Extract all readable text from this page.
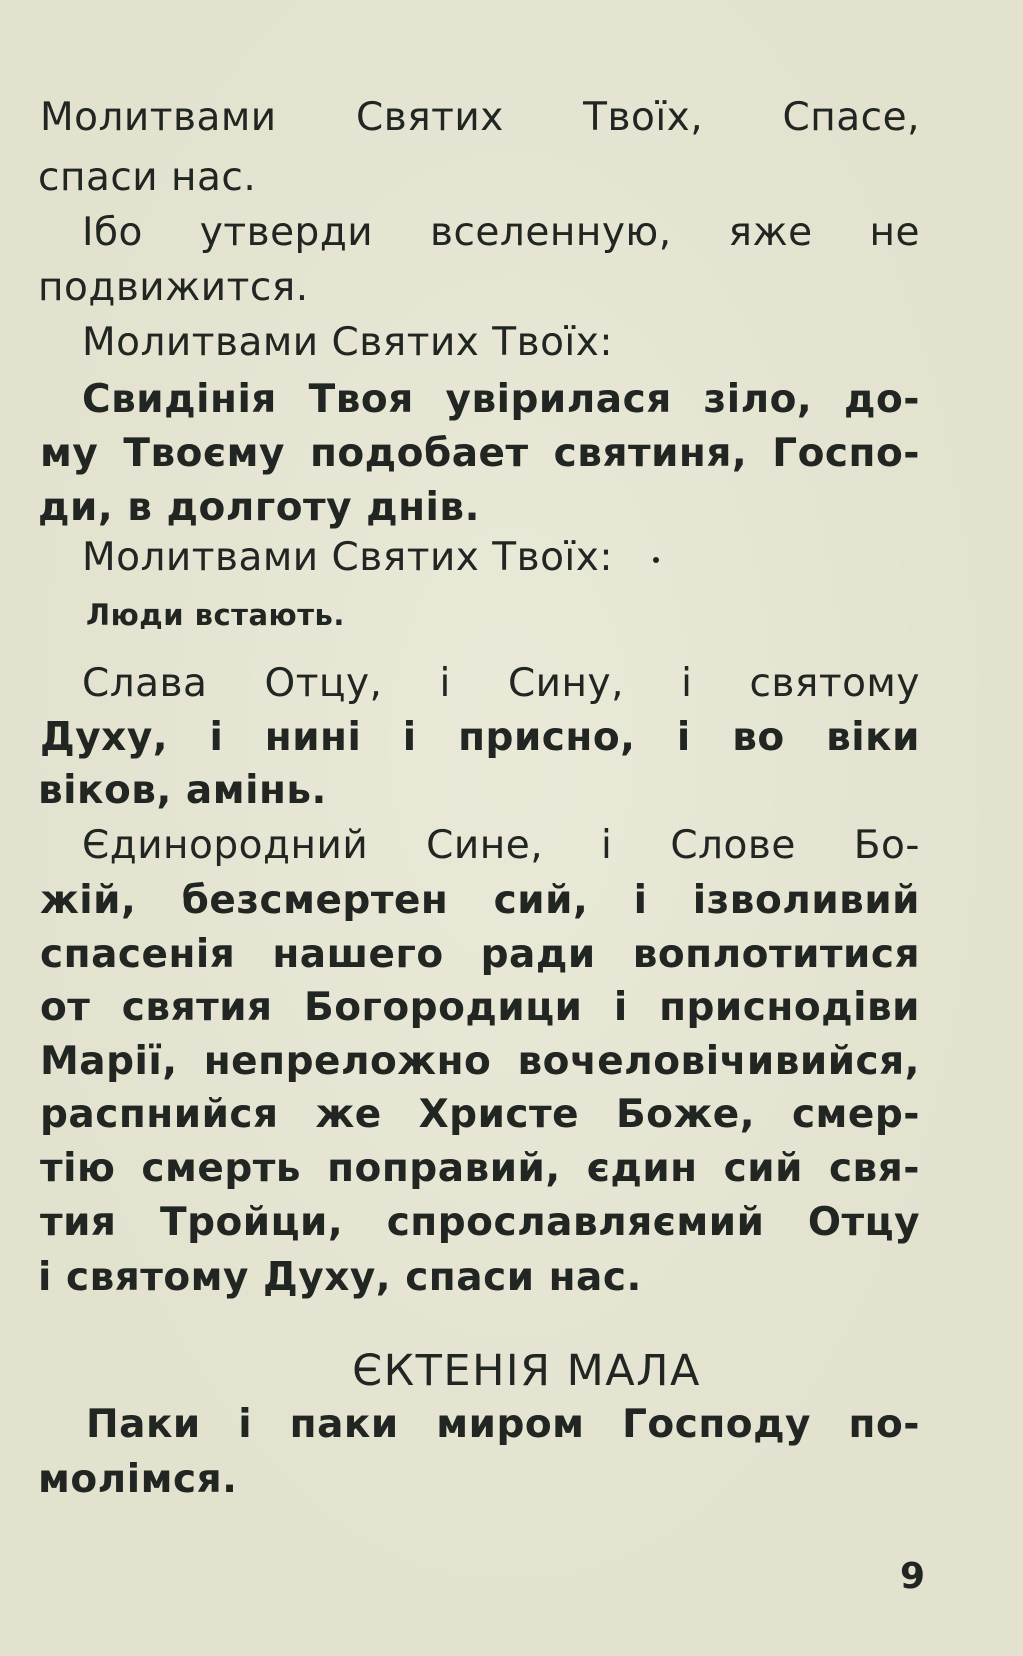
Молитвами Святих Твоїх, Спасе,
спаси нас.
Ібо утверди вселенную, яже не
подвижится.
Молитвами Святих Твоїх:
Свидінія Твоя увірилася зіло, до-
му Твоєму подобает святиня, Госпо-
ди, в долготу днів.
Молитвами Святих Твоїх:
Люди встають.
Слава Отцу, і Сину, і святому
Духу, і нині і присно, і во віки
віков, амінь.
Єдинородний Сине, і Слове Бо-
жій, безсмертен сий, і ізволивий
спасенія нашего ради воплотитися
от святия Богородици і приснодіви
Марії, непреложно вочеловічивийся,
распнийся же Христе Боже, смер-
тію смерть поправий, єдин сий свя-
тия Тройци, спрославляємий Отцу
і святому Духу, спаси нас.
ЄКТЕНІЯ МАЛА
Паки і паки миром Господу по-
молімся.
9
